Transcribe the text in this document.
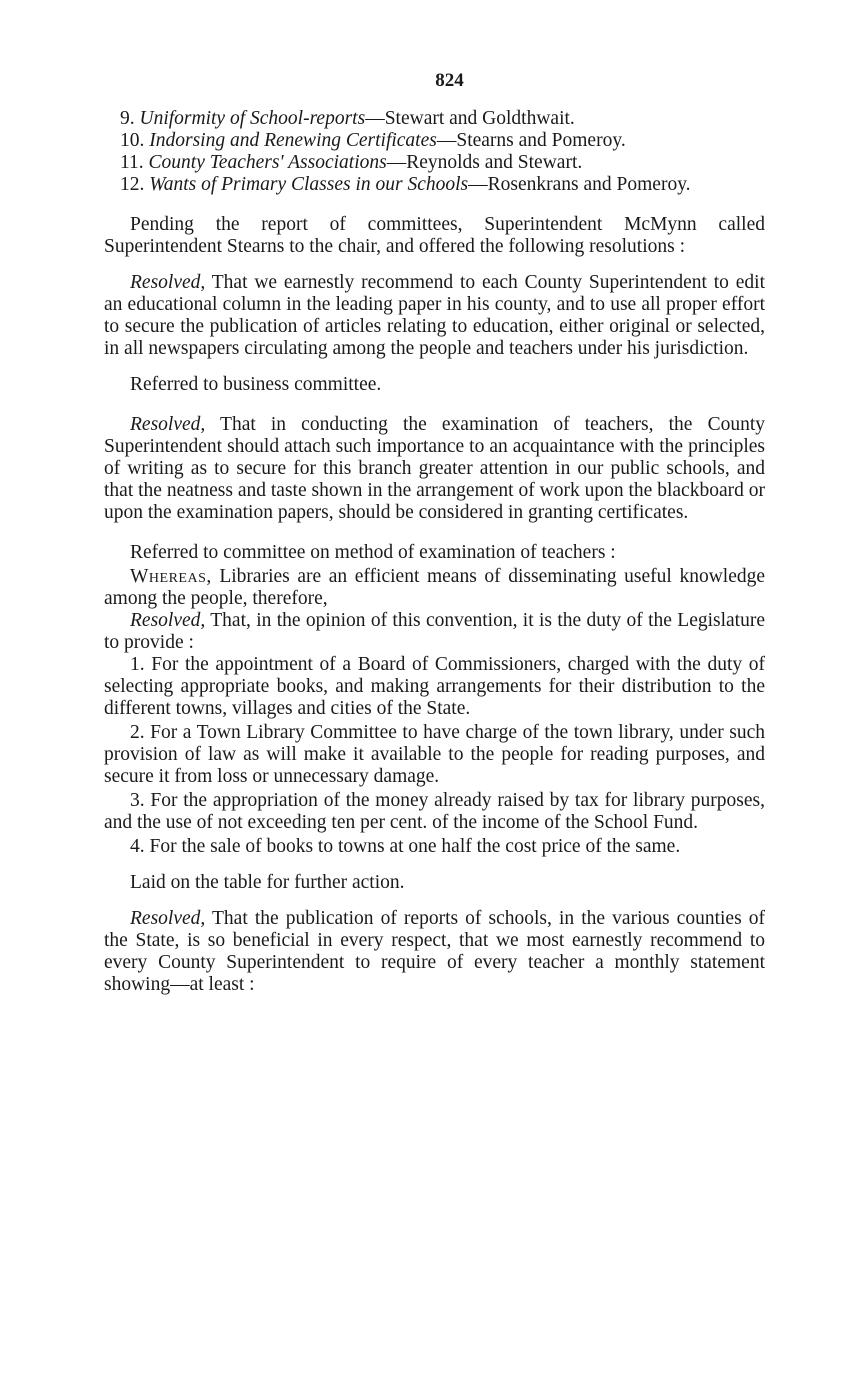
824

9. Uniformity of School-reports—Stewart and Goldthwait.

10. Indorsing and Renewing Certificates—Stearns and Pomeroy.

11. County Teachers' Associations—Reynolds and Stewart.

12. Wants of Primary Classes in our Schools—Rosenkrans and Pomeroy.

Pending the report of committees, Superintendent McMynn called Superintendent Stearns to the chair, and offered the following resolutions :

Resolved, That we earnestly recommend to each County Superintendent to edit an educational column in the leading paper in his county, and to use all proper effort to secure the publication of articles relating to education, either original or selected, in all newspapers circulating among the people and teachers under his jurisdiction.

Referred to business committee.

Resolved, That in conducting the examination of teachers, the County Superintendent should attach such importance to an acquaintance with the principles of writing as to secure for this branch greater attention in our public schools, and that the neatness and taste shown in the arrangement of work upon the blackboard or upon the examination papers, should be considered in granting certificates.

Referred to committee on method of examination of teachers :

Whereas, Libraries are an efficient means of disseminating useful knowledge among the people, therefore,

Resolved, That, in the opinion of this convention, it is the duty of the Legislature to provide :

1. For the appointment of a Board of Commissioners, charged with the duty of selecting appropriate books, and making arrangements for their distribution to the different towns, villages and cities of the State.

2. For a Town Library Committee to have charge of the town library, under such provision of law as will make it available to the people for reading purposes, and secure it from loss or unnecessary damage.

3. For the appropriation of the money already raised by tax for library purposes, and the use of not exceeding ten per cent. of the income of the School Fund.

4. For the sale of books to towns at one half the cost price of the same.

Laid on the table for further action.

Resolved, That the publication of reports of schools, in the various counties of the State, is so beneficial in every respect, that we most earnestly recommend to every County Superintendent to require of every teacher a monthly statement showing—at least :
